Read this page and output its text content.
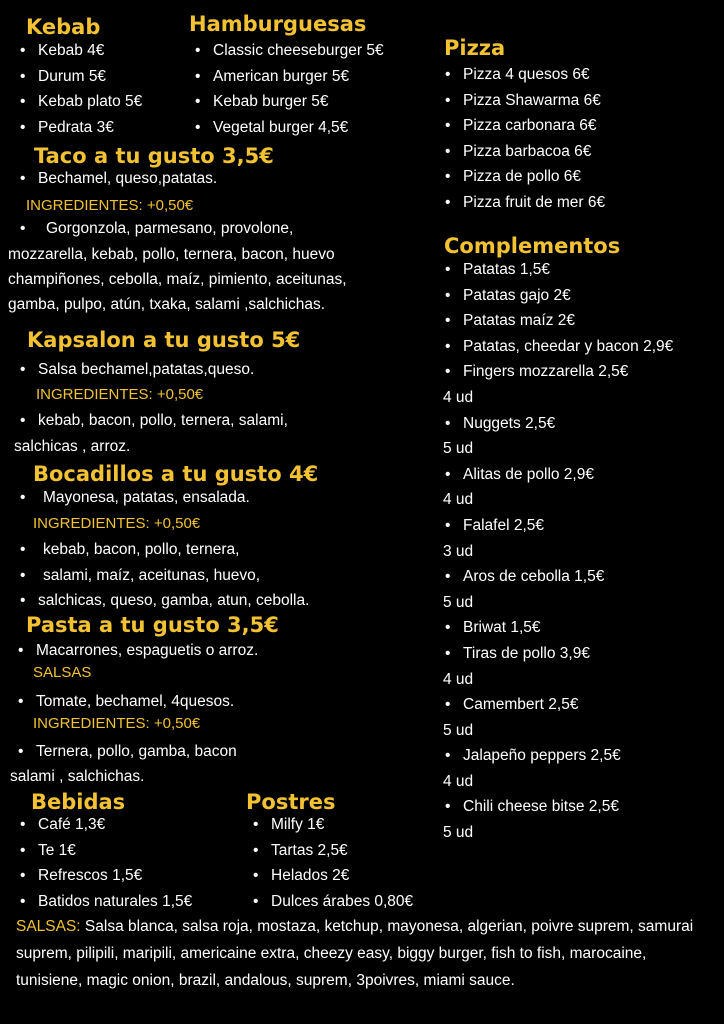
Kebab
• Kebab 4€
• Durum 5€
• Kebab plato 5€
• Pedrata 3€
Hamburguesas
• Classic cheeseburger 5€
• American burger 5€
• Kebab burger 5€
• Vegetal burger 4,5€
Pizza
• Pizza 4 quesos 6€
• Pizza Shawarma 6€
• Pizza carbonara 6€
• Pizza barbacoa 6€
• Pizza de pollo 6€
• Pizza fruit de mer 6€
Taco a tu gusto 3,5€
• Bechamel, queso,patatas.
INGREDIENTES: +0,50€
• Gorgonzola, parmesano, provolone,
mozzarella, kebab, pollo, ternera, bacon, huevo
champiñones, cebolla, maíz, pimiento, aceitunas,
gamba, pulpo, atún, txaka, salami ,salchichas.
Complementos
• Patatas 1,5€
• Patatas gajo 2€
• Patatas maíz 2€
• Patatas, cheedar y bacon 2,9€
• Fingers mozzarella 2,5€
4 ud
• Nuggets 2,5€
5 ud
• Alitas de pollo 2,9€
4 ud
• Falafel 2,5€
3 ud
• Aros de cebolla 1,5€
5 ud
• Briwat 1,5€
• Tiras de pollo 3,9€
4 ud
• Camembert 2,5€
5 ud
• Jalapeño peppers 2,5€
4 ud
• Chili cheese bitse 2,5€
5 ud
Kapsalon a tu gusto 5€
• Salsa bechamel,patatas,queso.
INGREDIENTES: +0,50€
• kebab, bacon, pollo, ternera, salami,
salchicas , arroz.
Bocadillos a tu gusto 4€
• Mayonesa, patatas, ensalada.
INGREDIENTES: +0,50€
• kebab, bacon, pollo, ternera,
• salami, maíz, aceitunas, huevo,
• salchicas, queso, gamba, atun, cebolla.
Pasta a tu gusto 3,5€
• Macarrones, espaguetis o arroz.
SALSAS
• Tomate, bechamel, 4quesos.
INGREDIENTES: +0,50€
• Ternera, pollo, gamba, bacon
salami , salchichas.
Bebidas
• Café 1,3€
• Te 1€
• Refrescos 1,5€
• Batidos naturales 1,5€
Postres
• Milfy 1€
• Tartas 2,5€
• Helados 2€
• Dulces árabes 0,80€
SALSAS: Salsa blanca, salsa roja, mostaza, ketchup, mayonesa, algerian, poivre suprem, samurai suprem, pilipili, maripili, americaine extra, cheezy easy, biggy burger, fish to fish, marocaine, tunisiene, magic onion, brazil, andalous, suprem, 3poivres, miami sauce.
